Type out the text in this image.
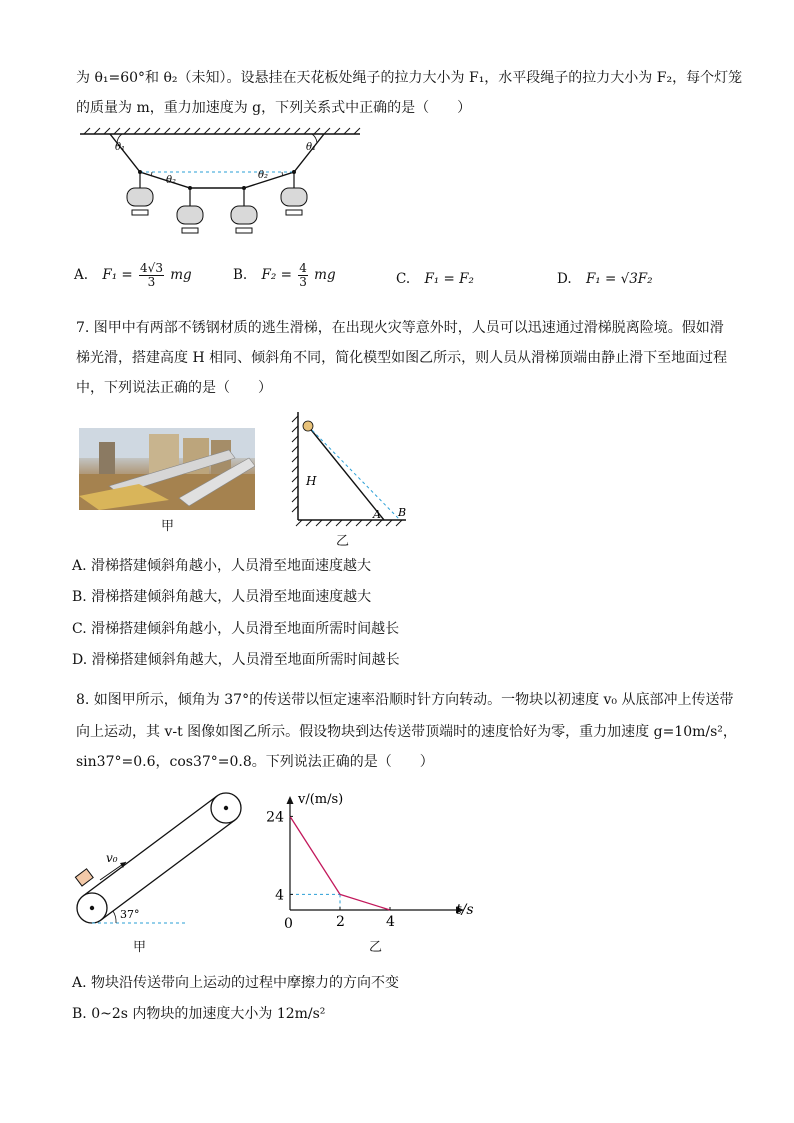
为 θ₁=60°和 θ₂（未知）。设悬挂在天花板处绳子的拉力大小为 F₁，水平段绳子的拉力大小为 F₂，每个灯笼
的质量为 m，重力加速度为 g，下列关系式中正确的是（　　）
θ₁	θ₁
θ₂	θ₂
A. $F_1 = \frac{4√3}{3}$ mg	B. $F_2 = \frac{4}{3}$ mg	C. F₁ = F₂	D. F₁ = √3F₂
7. 图甲中有两部不锈钢材质的逃生滑梯，在出现火灾等意外时，人员可以迅速通过滑梯脱离险境。假如滑
梯光滑，搭建高度 H 相同、倾斜角不同，简化模型如图乙所示，则人员从滑梯顶端由静止滑下至地面过程
中，下列说法正确的是（　　）
甲
H
A B
乙
A. 滑梯搭建倾斜角越小，人员滑至地面速度越大
B. 滑梯搭建倾斜角越大，人员滑至地面速度越大
C. 滑梯搭建倾斜角越小，人员滑至地面所需时间越长
D. 滑梯搭建倾斜角越大，人员滑至地面所需时间越长
8. 如图甲所示，倾角为 37°的传送带以恒定速率沿顺时针方向转动。一物块以初速度 v₀ 从底部冲上传送带
向上运动，其 v-t 图像如图乙所示。假设物块到达传送带顶端时的速度恰好为零，重力加速度 g=10m/s²，
sin37°=0.6，cos37°=0.8。下列说法正确的是（　　）
v₀
37°
甲
2	4
4
24
v/(m/s)
t/s
0
乙
A. 物块沿传送带向上运动的过程中摩擦力的方向不变
B. 0~2s 内物块的加速度大小为 12m/s²
